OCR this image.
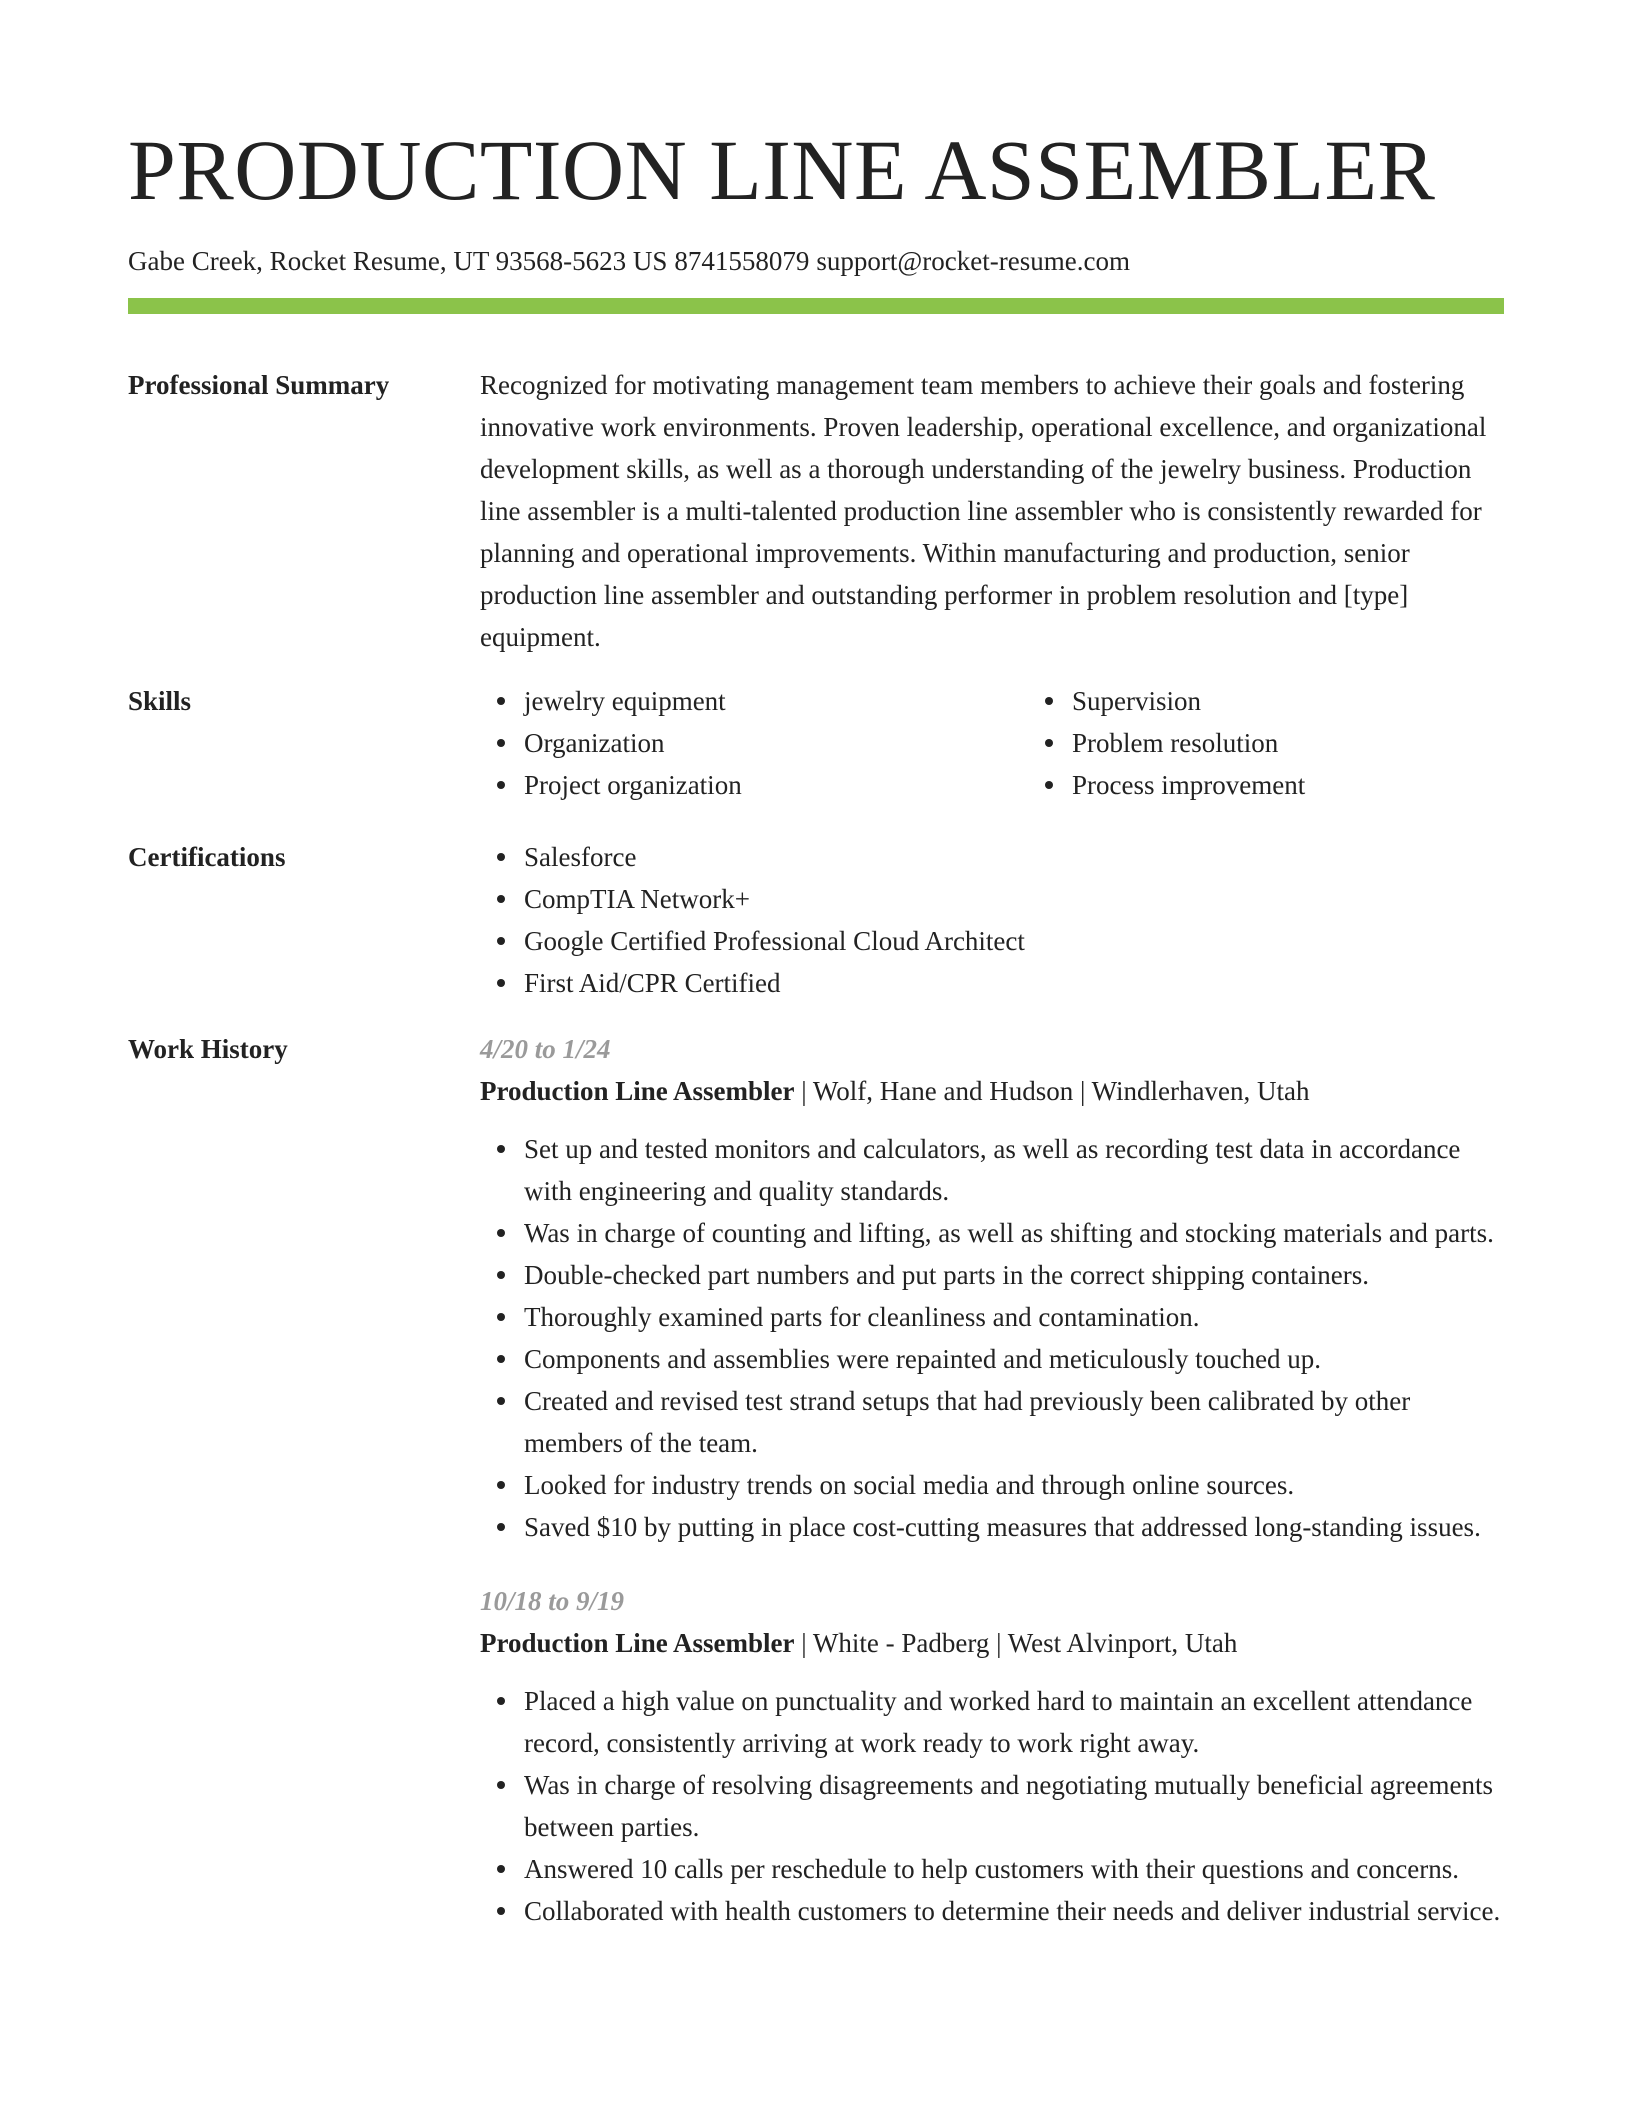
PRODUCTION LINE ASSEMBLER
Gabe Creek, Rocket Resume, UT 93568-5623 US 8741558079 support@rocket-resume.com
Professional Summary	Recognized for motivating management team members to achieve their goals and fostering innovative work environments. Proven leadership, operational excellence, and organizational development skills, as well as a thorough understanding of the jewelry business. Production line assembler is a multi-talented production line assembler who is consistently rewarded for planning and operational improvements. Within manufacturing and production, senior production line assembler and outstanding performer in problem resolution and [type] equipment.

Skills	jewelry equipment
Organization
Project organization
Supervision
Problem resolution
Process improvement
Certifications	Salesforce
CompTIA Network+
Google Certified Professional Cloud Architect
First Aid/CPR Certified
Work History	4/20 to 1/24
Production Line Assembler | Wolf, Hane and Hudson | Windlerhaven, Utah
Set up and tested monitors and calculators, as well as recording test data in accordance with engineering and quality standards.
Was in charge of counting and lifting, as well as shifting and stocking materials and parts.
Double-checked part numbers and put parts in the correct shipping containers.
Thoroughly examined parts for cleanliness and contamination.
Components and assemblies were repainted and meticulously touched up.
Created and revised test strand setups that had previously been calibrated by other members of the team.
Looked for industry trends on social media and through online sources.
Saved $10 by putting in place cost-cutting measures that addressed long-standing issues.
10/18 to 9/19
Production Line Assembler | White - Padberg | West Alvinport, Utah
Placed a high value on punctuality and worked hard to maintain an excellent attendance record, consistently arriving at work ready to work right away.
Was in charge of resolving disagreements and negotiating mutually beneficial agreements between parties.
Answered 10 calls per reschedule to help customers with their questions and concerns.
Collaborated with health customers to determine their needs and deliver industrial service.
